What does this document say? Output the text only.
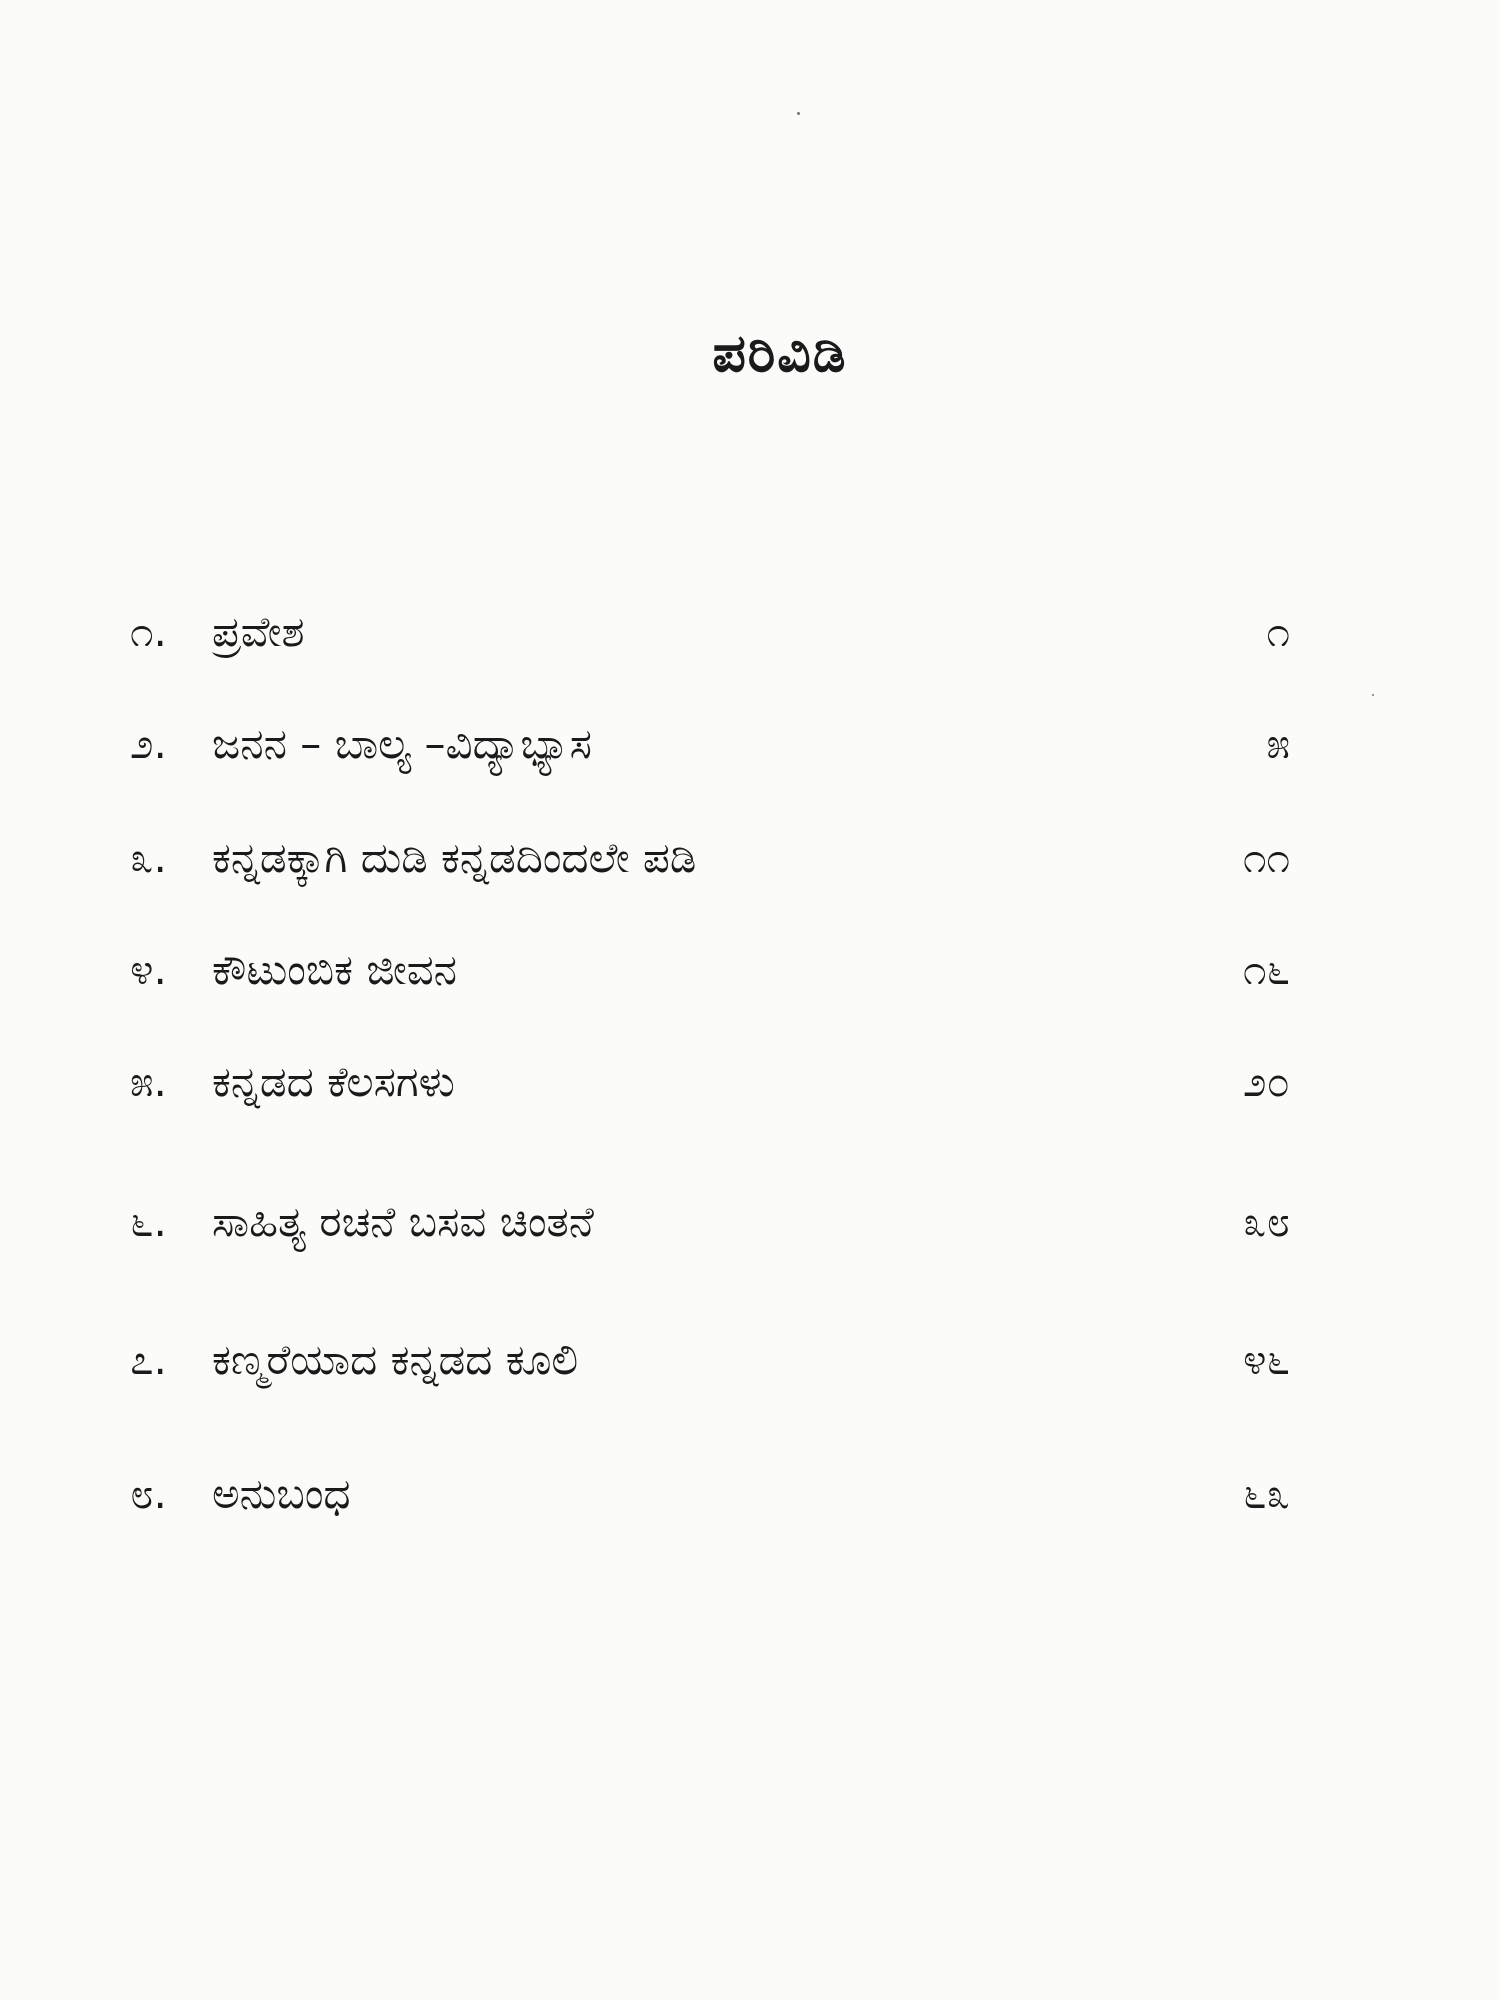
ಪರಿವಿಡಿ
೧.	ಪ್ರವೇಶ	೧
೨.	ಜನನ – ಬಾಲ್ಯ –ವಿದ್ಯಾಭ್ಯಾಸ	೫
೩.	ಕನ್ನಡಕ್ಕಾಗಿ ದುಡಿ ಕನ್ನಡದಿಂದಲೇ ಪಡಿ	೧೧
೪.	ಕೌಟುಂಬಿಕ ಜೀವನ	೧೬
೫.	ಕನ್ನಡದ ಕೆಲಸಗಳು	೨೦
೬.	ಸಾಹಿತ್ಯ ರಚನೆ ಬಸವ ಚಿಂತನೆ	೩೮
೭.	ಕಣ್ಮರೆಯಾದ ಕನ್ನಡದ ಕೂಲಿ	೪೬
೮.	ಅನುಬಂಧ	೬೩
